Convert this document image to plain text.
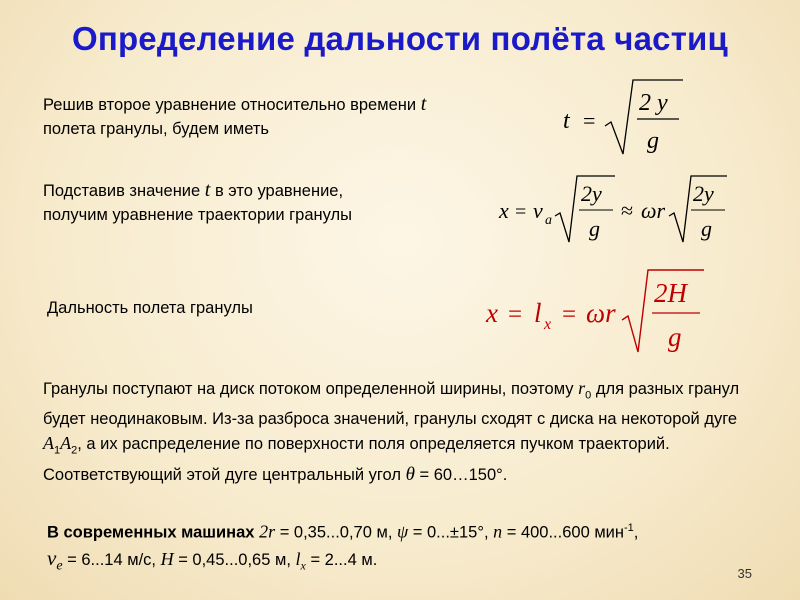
Определение дальности полёта частиц
Решив второе уравнение относительно времени t
полета гранулы, будем иметь	t =
2 y
g
Подставив значение t в это уравнение,
получим уравнение траектории гранулы	x = v a
2y
g
≈ ωr
2y
g
Дальность полета гранулы	x = l x = ωr
2H
g
Гранулы поступают на диск потоком определенной ширины, поэтому $r_0$ для разных гранул будет неодинаковым. Из-за разброса значений, гранулы сходят с диска на некоторой дуге $A_1A_2$, а их распределение по поверхности поля определяется пучком траекторий. Соответствующий этой дуге центральный угол θ = 60…150°.
В современных машинах 2r = 0,35...0,70 м, ψ = 0...±15°, n = 400...600 мин$^{-1}$,
$v_e = 6...14$ м/с, H = 0,45...0,65 м, $l_x = 2...4$ м.
35
